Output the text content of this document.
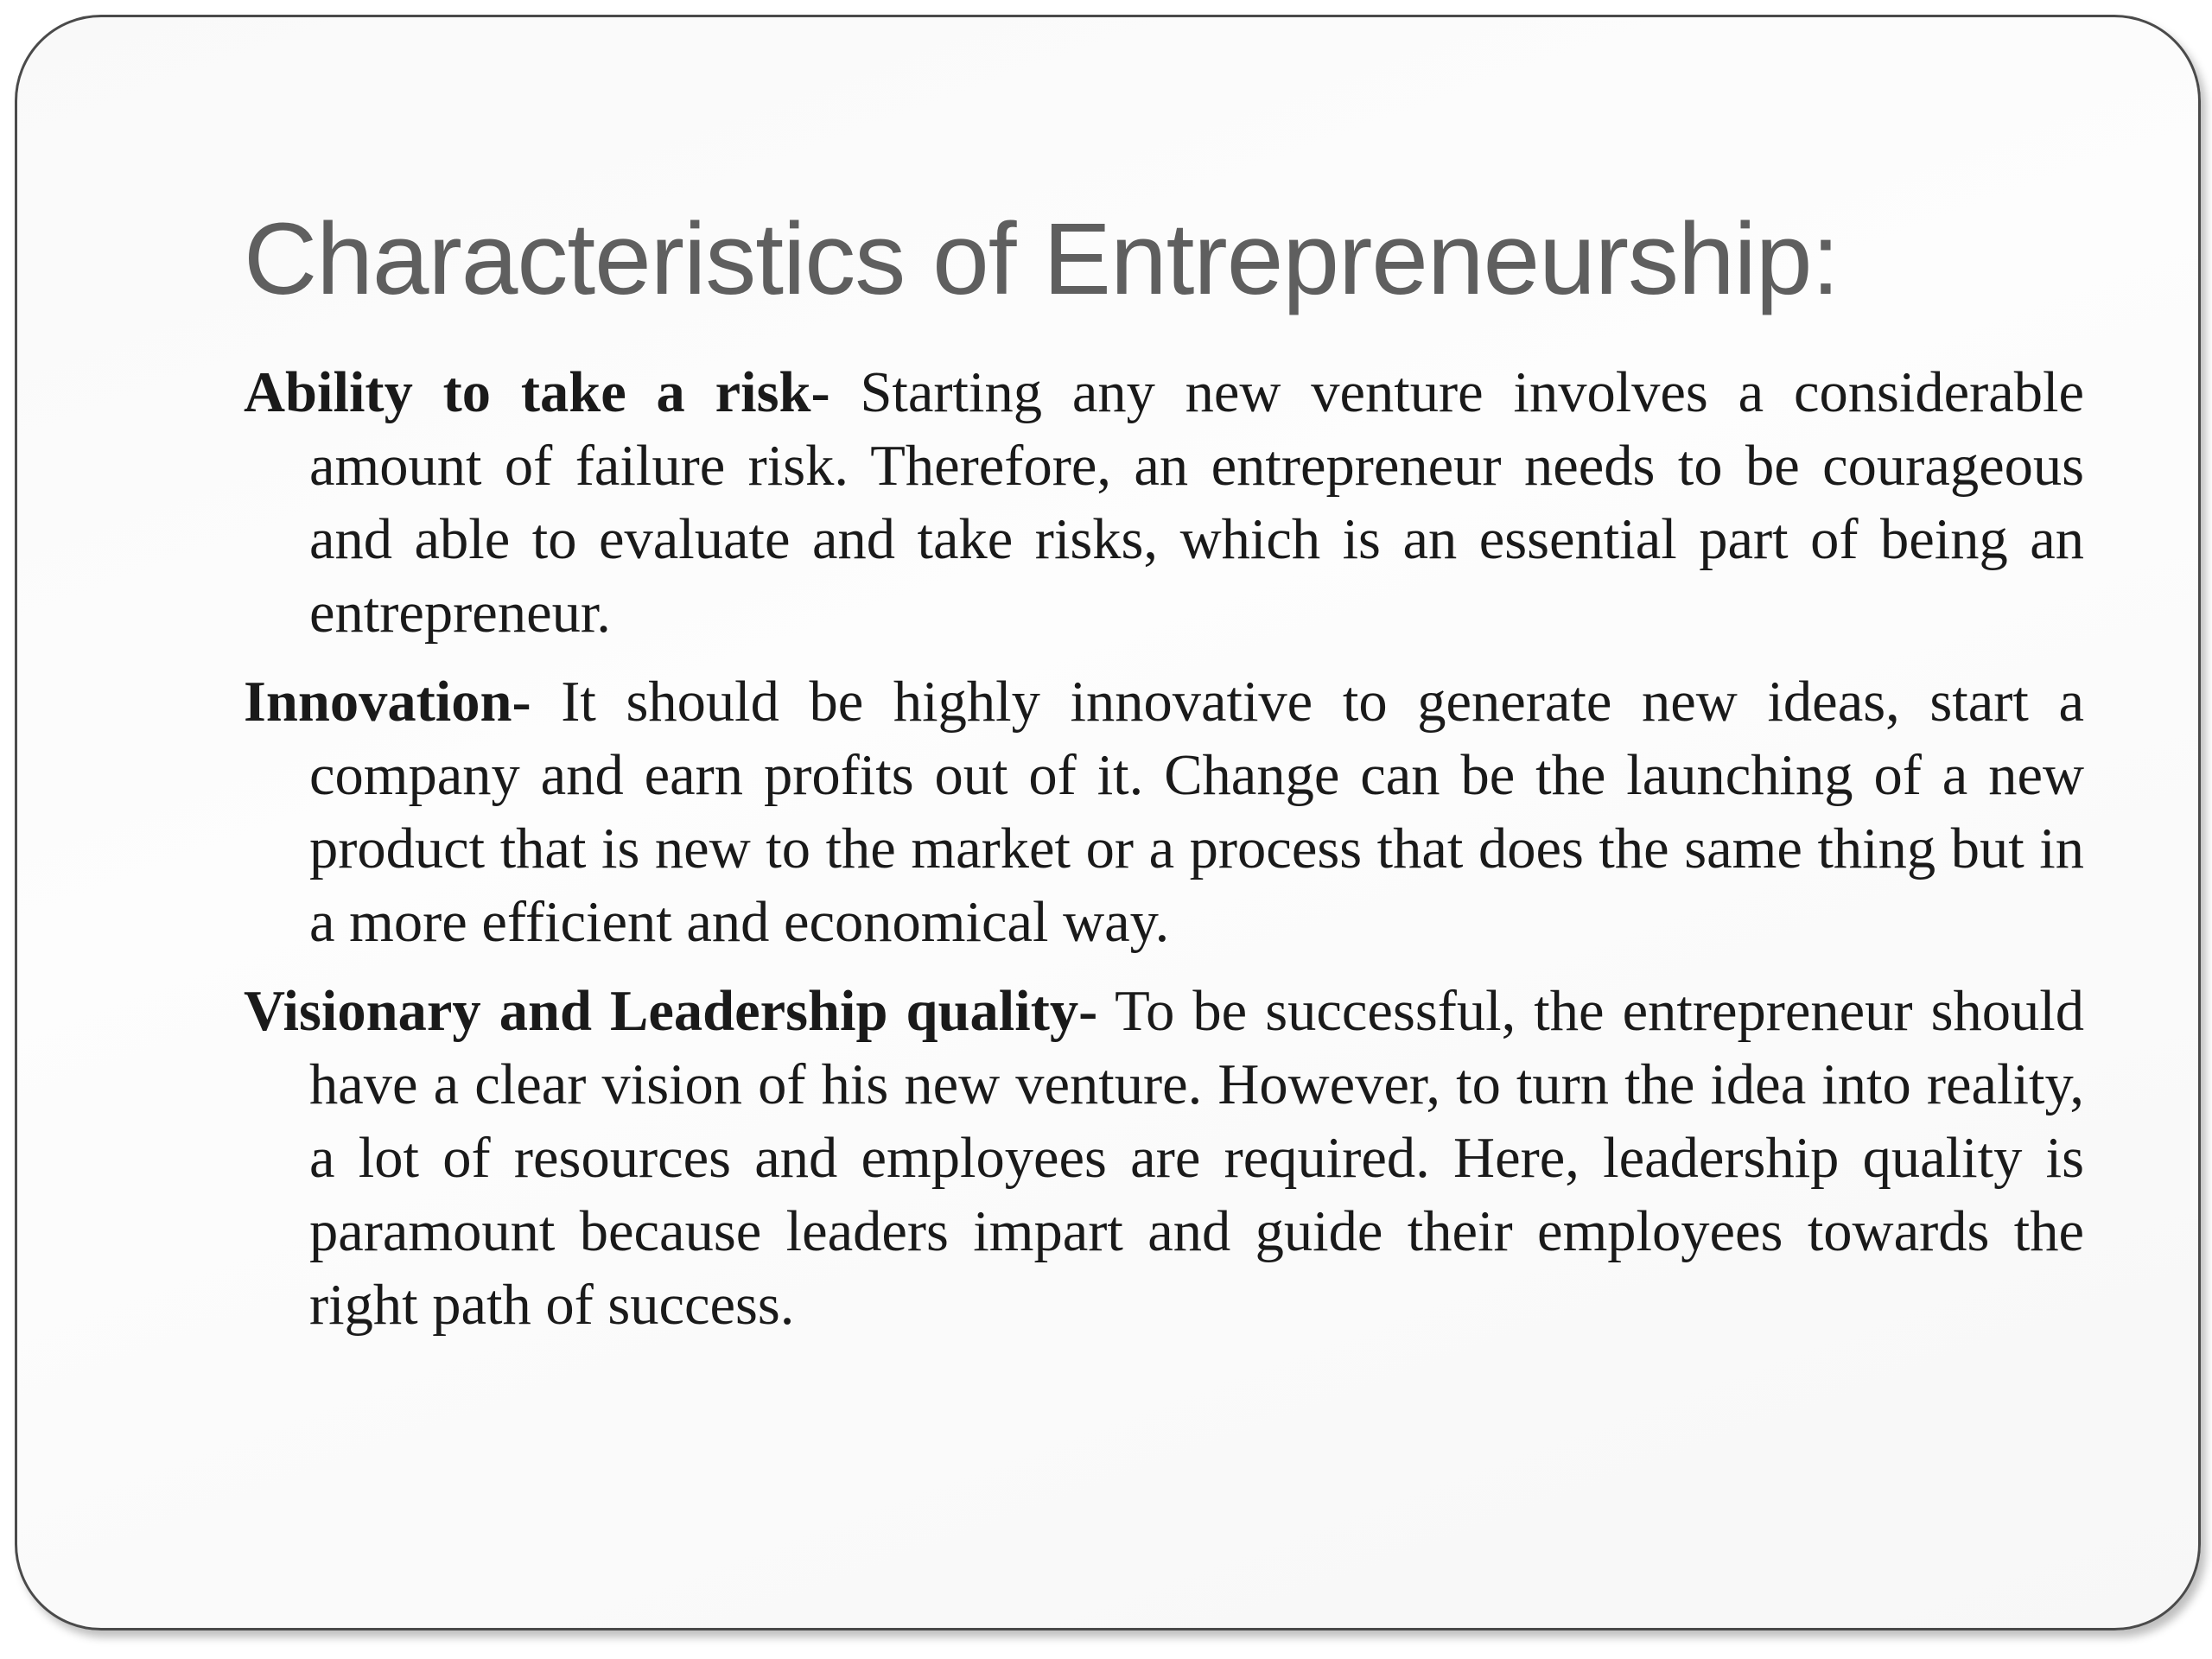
Characteristics of Entrepreneurship:

Ability to take a risk- Starting any new venture involves a considerable amount of failure risk. Therefore, an entrepreneur needs to be courageous and able to evaluate and take risks, which is an essential part of being an entrepreneur.

Innovation- It should be highly innovative to generate new ideas, start a company and earn profits out of it. Change can be the launching of a new product that is new to the market or a process that does the same thing but in a more efficient and economical way.

Visionary and Leadership quality- To be successful, the entrepreneur should have a clear vision of his new venture. However, to turn the idea into reality, a lot of resources and employees are required. Here, leadership quality is paramount because leaders impart and guide their employees towards the right path of success.
